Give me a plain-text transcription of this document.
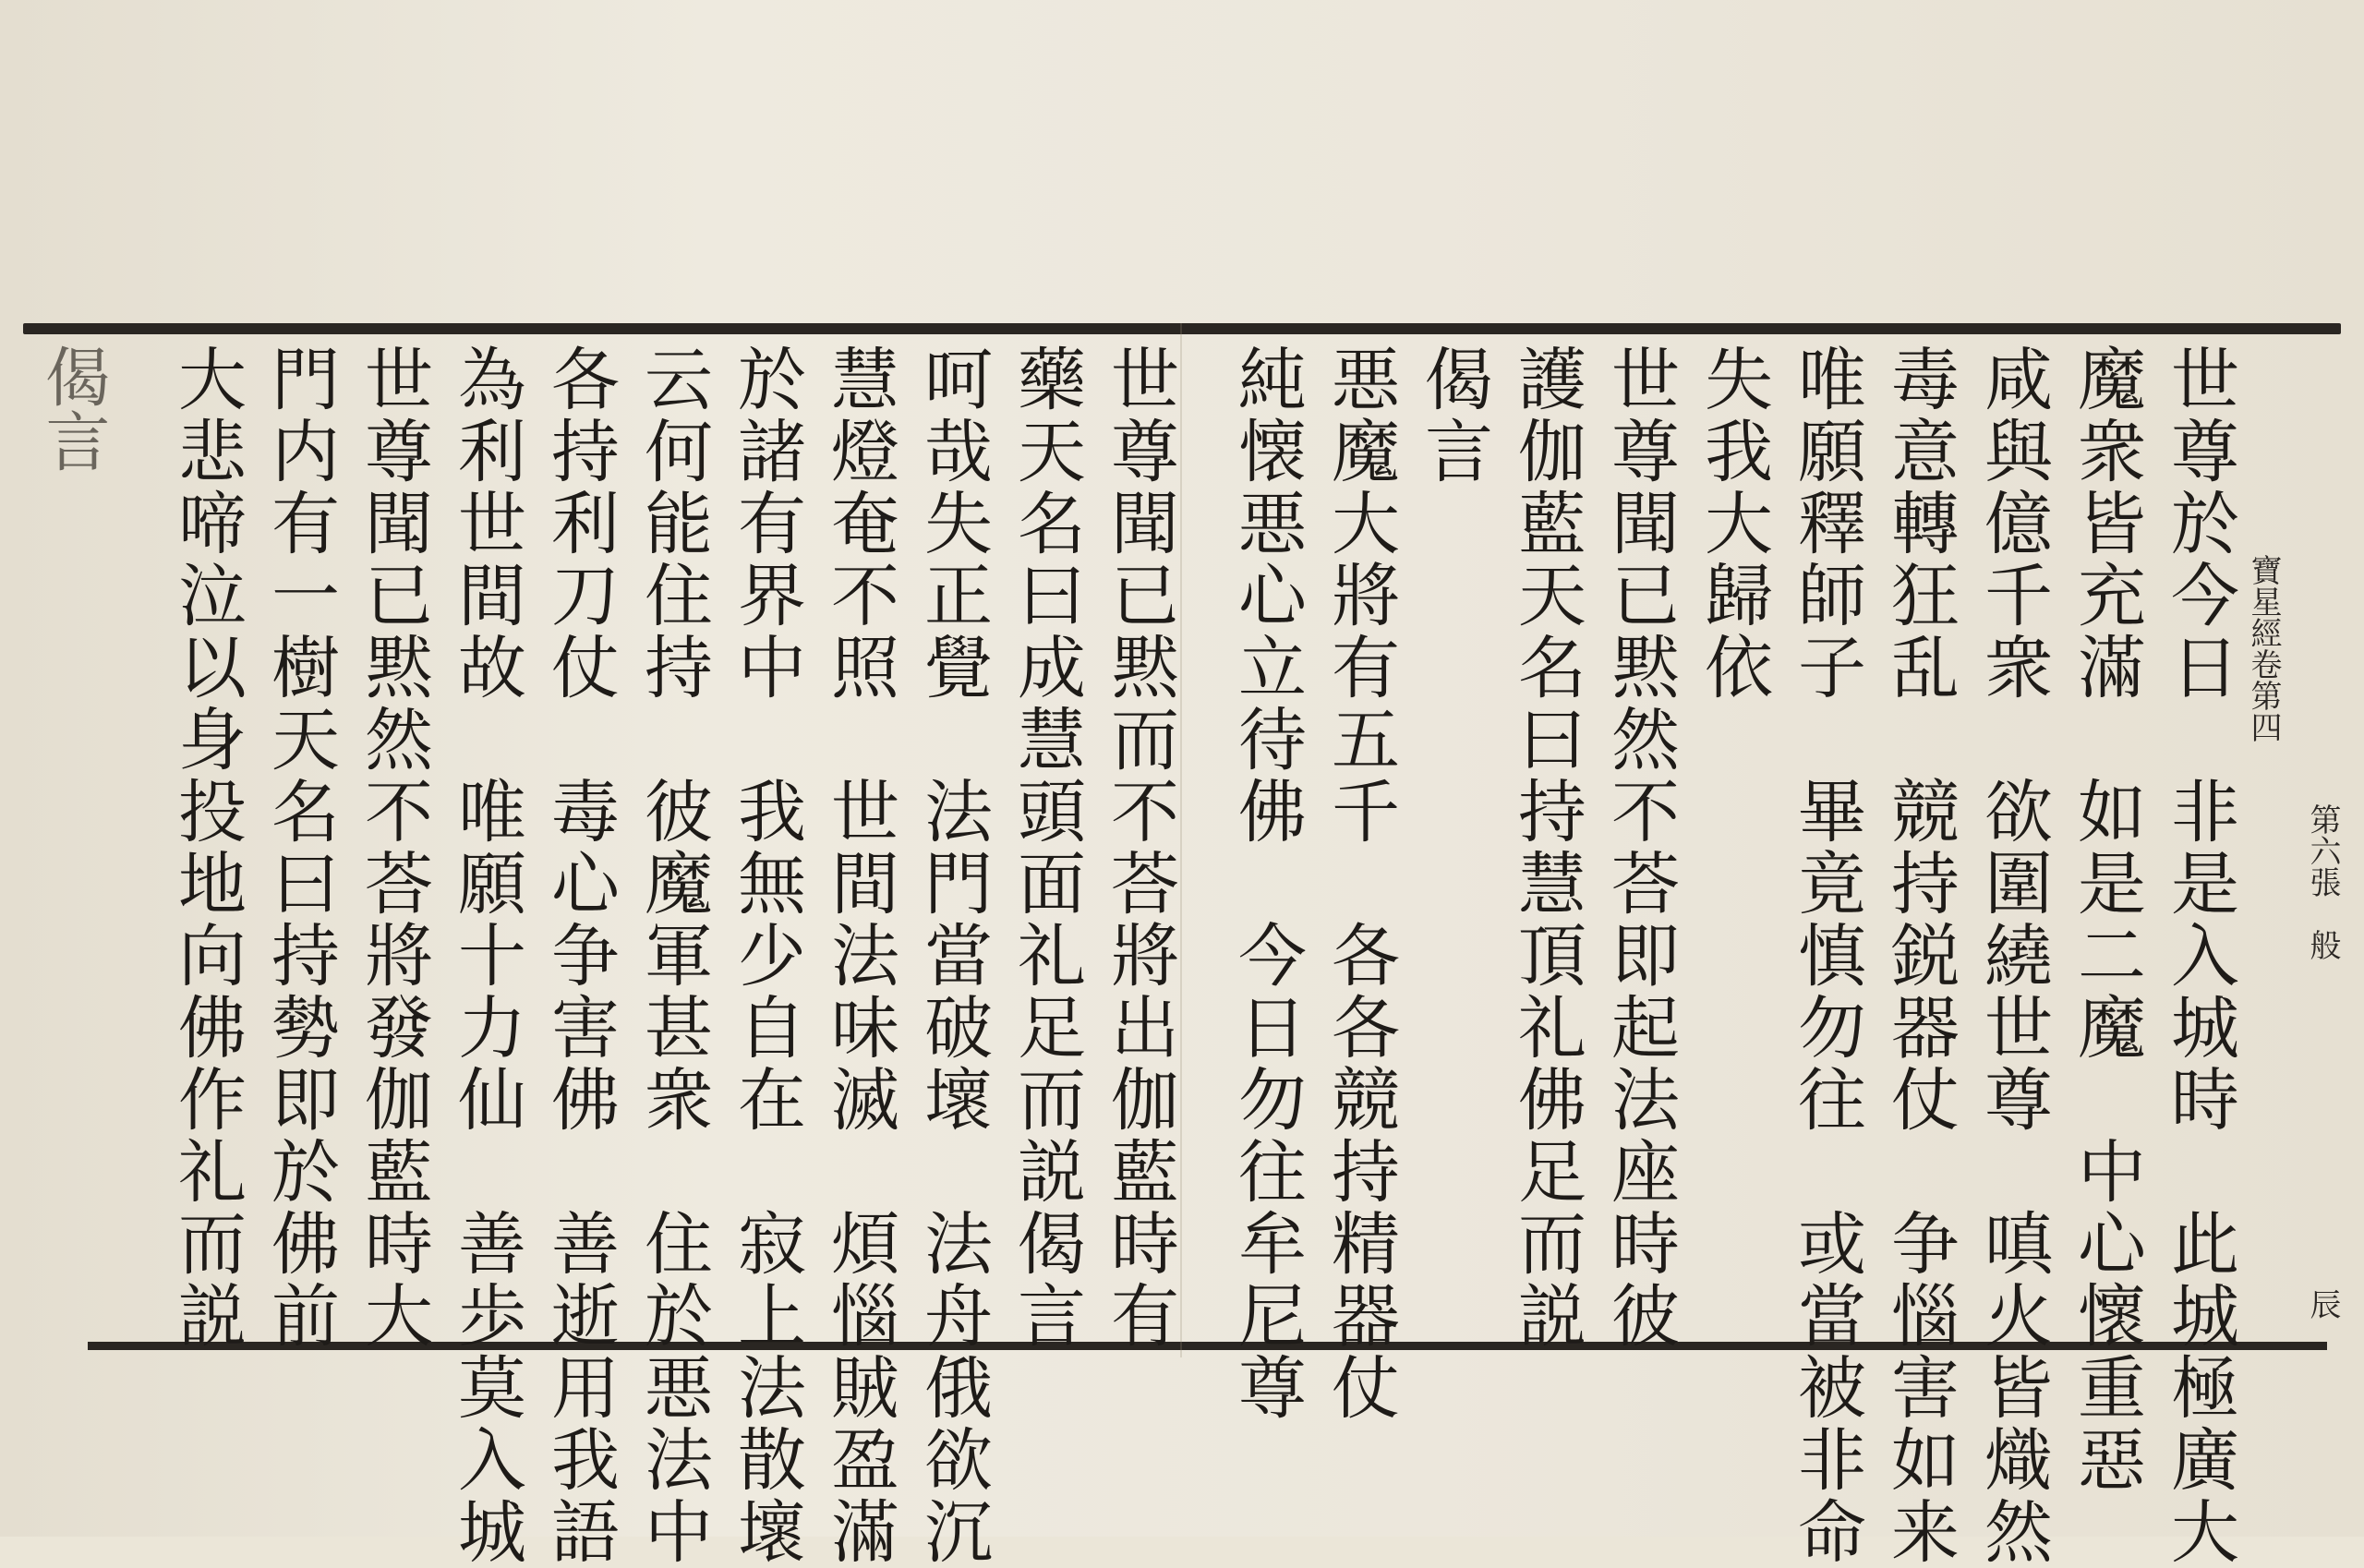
寶星經卷第四
第六張　般
辰
世尊於今日　非是入城時　此城極廣大
魔衆皆充滿　如是二魔　中心懷重惡
咸與億千衆　欲圍繞世尊　嗔火皆熾然
毒意轉狂乱　競持鋭器仗　争惱害如来
唯願釋師子　畢竟慎勿往　或當被非命
失我大歸依
世尊聞已黙然不荅即起法座時彼
護伽藍天名曰持慧頂礼佛足而説
偈言
悪魔大將有五千　各各競持精器仗
純懐悪心立待佛　今日勿往牟尼尊
世尊聞已黙而不荅將出伽藍時有
藥天名曰成慧頭面礼足而説偈言
呵哉失正覺　法門當破壞　法舟俄欲沉
慧燈奄不照　世間法味滅　煩惱賊盈滿
於諸有界中　我無少自在　寂上法散壞
云何能住持　彼魔軍甚衆　住於悪法中
各持利刀仗　毒心争害佛　善逝用我語
為利世間故　唯願十力仙　善歩莫入城
世尊聞已黙然不荅將發伽藍時大
門内有一樹天名曰持勢即於佛前
大悲啼泣以身投地向佛作礼而説
偈言
